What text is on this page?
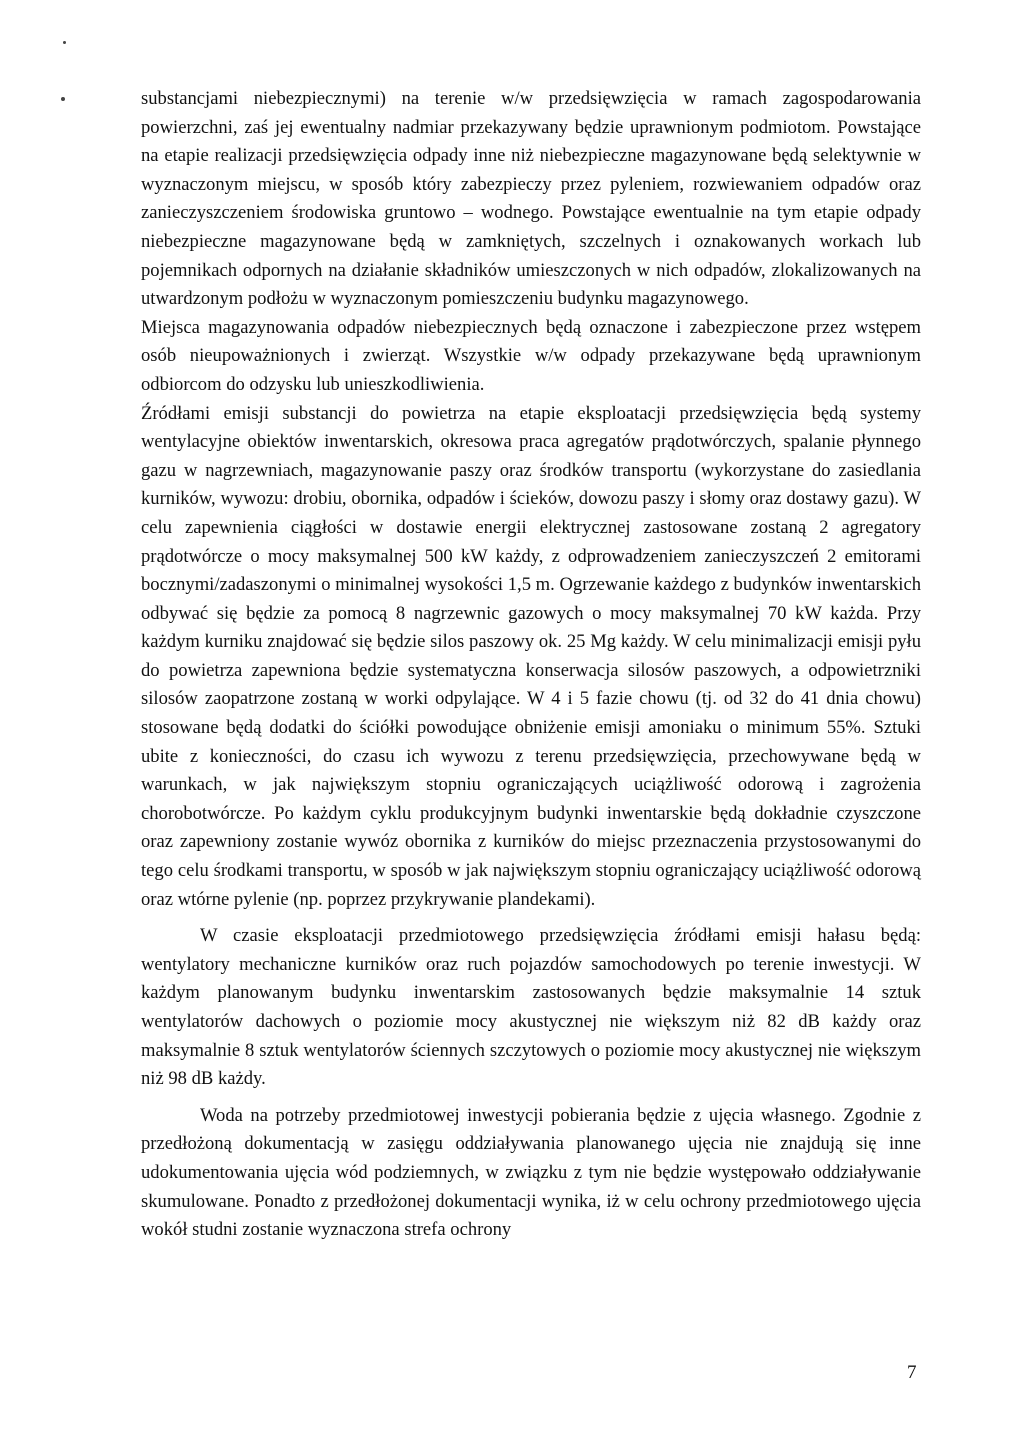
substancjami niebezpiecznymi) na terenie w/w przedsięwzięcia w ramach zagospodarowania powierzchni, zaś jej ewentualny nadmiar przekazywany będzie uprawnionym podmiotom. Powstające na etapie realizacji przedsięwzięcia odpady inne niż niebezpieczne magazynowane będą selektywnie w wyznaczonym miejscu, w sposób który zabezpieczy przez pyleniem, rozwiewaniem odpadów oraz zanieczyszczeniem środowiska gruntowo – wodnego. Powstające ewentualnie na tym etapie odpady niebezpieczne magazynowane będą w zamkniętych, szczelnych i oznakowanych workach lub pojemnikach odpornych na działanie składników umieszczonych w nich odpadów, zlokalizowanych na utwardzonym podłożu w wyznaczonym pomieszczeniu budynku magazynowego.

Miejsca magazynowania odpadów niebezpiecznych będą oznaczone i zabezpieczone przez wstępem osób nieupoważnionych i zwierząt. Wszystkie w/w odpady przekazywane będą uprawnionym odbiorcom do odzysku lub unieszkodliwienia.

Źródłami emisji substancji do powietrza na etapie eksploatacji przedsięwzięcia będą systemy wentylacyjne obiektów inwentarskich, okresowa praca agregatów prądotwórczych, spalanie płynnego gazu w nagrzewniach, magazynowanie paszy oraz środków transportu (wykorzystane do zasiedlania kurników, wywozu: drobiu, obornika, odpadów i ścieków, dowozu paszy i słomy oraz dostawy gazu). W celu zapewnienia ciągłości w dostawie energii elektrycznej zastosowane zostaną 2 agregatory prądotwórcze o mocy maksymalnej 500 kW każdy, z odprowadzeniem zanieczyszczeń 2 emitorami bocznymi/zadaszonymi o minimalnej wysokości 1,5 m. Ogrzewanie każdego z budynków inwentarskich odbywać się będzie za pomocą 8 nagrzewnic gazowych o mocy maksymalnej 70 kW każda. Przy każdym kurniku znajdować się będzie silos paszowy ok. 25 Mg każdy. W celu minimalizacji emisji pyłu do powietrza zapewniona będzie systematyczna konserwacja silosów paszowych, a odpowietrzniki silosów zaopatrzone zostaną w worki odpylające. W 4 i 5 fazie chowu (tj. od 32 do 41 dnia chowu) stosowane będą dodatki do ściółki powodujące obniżenie emisji amoniaku o minimum 55%. Sztuki ubite z konieczności, do czasu ich wywozu z terenu przedsięwzięcia, przechowywane będą w warunkach, w jak największym stopniu ograniczających uciążliwość odorową i zagrożenia chorobotwórcze. Po każdym cyklu produkcyjnym budynki inwentarskie będą dokładnie czyszczone oraz zapewniony zostanie wywóz obornika z kurników do miejsc przeznaczenia przystosowanymi do tego celu środkami transportu, w sposób w jak największym stopniu ograniczający uciążliwość odorową oraz wtórne pylenie (np. poprzez przykrywanie plandekami).

W czasie eksploatacji przedmiotowego przedsięwzięcia źródłami emisji hałasu będą: wentylatory mechaniczne kurników oraz ruch pojazdów samochodowych po terenie inwestycji. W każdym planowanym budynku inwentarskim zastosowanych będzie maksymalnie 14 sztuk wentylatorów dachowych o poziomie mocy akustycznej nie większym niż 82 dB każdy oraz maksymalnie 8 sztuk wentylatorów ściennych szczytowych o poziomie mocy akustycznej nie większym niż 98 dB każdy.

Woda na potrzeby przedmiotowej inwestycji pobierania będzie z ujęcia własnego. Zgodnie z przedłożoną dokumentacją w zasięgu oddziaływania planowanego ujęcia nie znajdują się inne udokumentowania ujęcia wód podziemnych, w związku z tym nie będzie występowało oddziaływanie skumulowane. Ponadto z przedłożonej dokumentacji wynika, iż w celu ochrony przedmiotowego ujęcia wokół studni zostanie wyznaczona strefa ochrony

7
